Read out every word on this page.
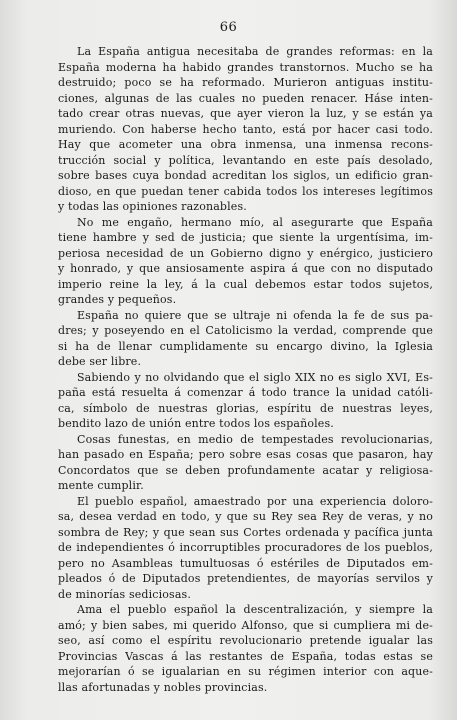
66
La España antigua necesitaba de grandes reformas: en la
España moderna ha habido grandes transtornos. Mucho se ha
destruido; poco se ha reformado. Murieron antiguas institu-
ciones, algunas de las cuales no pueden renacer. Háse inten-
tado crear otras nuevas, que ayer vieron la luz, y se están ya
muriendo. Con haberse hecho tanto, está por hacer casi todo.
Hay que acometer una obra inmensa, una inmensa recons-
trucción social y política, levantando en este país desolado,
sobre bases cuya bondad acreditan los siglos, un edificio gran-
dioso, en que puedan tener cabida todos los intereses legítimos
y todas las opiniones razonables.
No me engaño, hermano mío, al asegurarte que España
tiene hambre y sed de justicia; que siente la urgentísima, im-
periosa necesidad de un Gobierno digno y enérgico, justiciero
y honrado, y que ansiosamente aspira á que con no disputado
imperio reine la ley, á la cual debemos estar todos sujetos,
grandes y pequeños.
España no quiere que se ultraje ni ofenda la fe de sus pa-
dres; y poseyendo en el Catolicismo la verdad, comprende que
si ha de llenar cumplidamente su encargo divino, la Iglesia
debe ser libre.
Sabiendo y no olvidando que el siglo XIX no es siglo XVI, Es-
paña está resuelta á comenzar á todo trance la unidad católi-
ca, símbolo de nuestras glorias, espíritu de nuestras leyes,
bendito lazo de unión entre todos los españoles.
Cosas funestas, en medio de tempestades revolucionarias,
han pasado en España; pero sobre esas cosas que pasaron, hay
Concordatos que se deben profundamente acatar y religiosa-
mente cumplir.
El pueblo español, amaestrado por una experiencia doloro-
sa, desea verdad en todo, y que su Rey sea Rey de veras, y no
sombra de Rey; y que sean sus Cortes ordenada y pacífica junta
de independientes ó incorruptibles procuradores de los pueblos,
pero no Asambleas tumultuosas ó estériles de Diputados em-
pleados ó de Diputados pretendientes, de mayorías servilos y
de minorías sediciosas.
Ama el pueblo español la descentralización, y siempre la
amó; y bien sabes, mi querido Alfonso, que si cumpliera mi de-
seo, así como el espíritu revolucionario pretende igualar las
Provincias Vascas á las restantes de España, todas estas se
mejorarían ó se igualarian en su régimen interior con aque-
llas afortunadas y nobles provincias.
